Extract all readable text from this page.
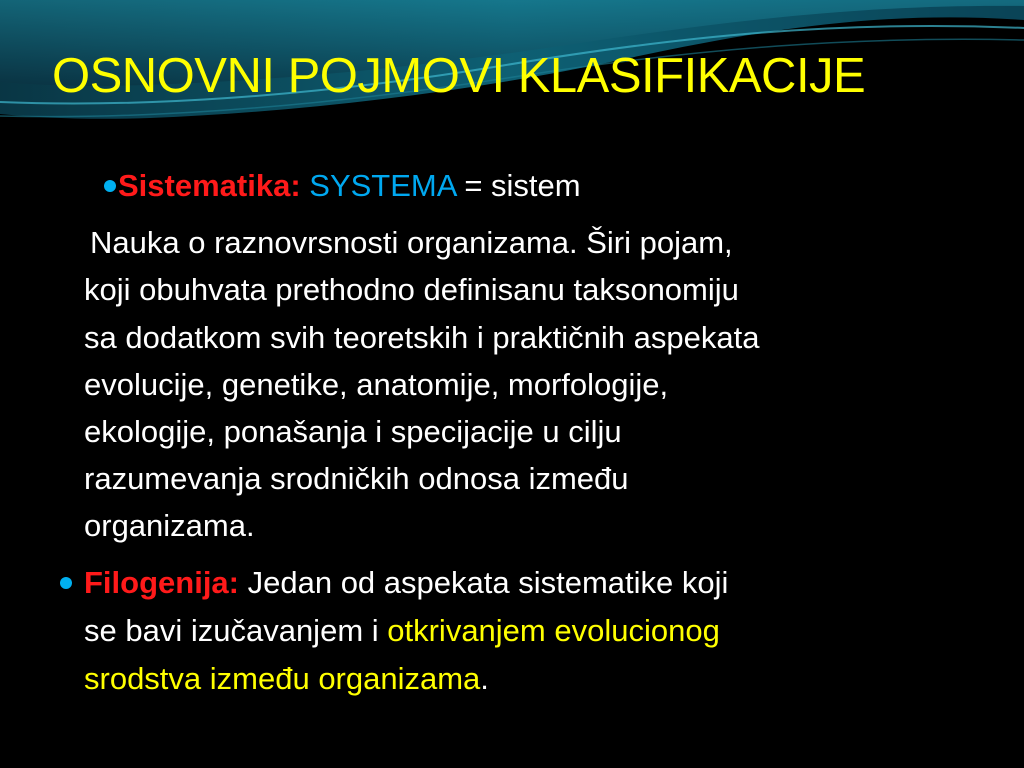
OSNOVNI POJMOVI KLASIFIKACIJE
Sistematika: SYSTEMA = sistem
Nauka o raznovrsnosti organizama. Širi pojam,
koji obuhvata prethodno definisanu taksonomiju
sa dodatkom svih teoretskih i praktičnih aspekata
evolucije, genetike, anatomije, morfologije,
ekologije, ponašanja i specijacije u cilju
razumevanja srodničkih odnosa između
organizama.
Filogenija: Jedan od aspekata sistematike koji
se bavi izučavanjem i otkrivanjem evolucionog
srodstva između organizama.
